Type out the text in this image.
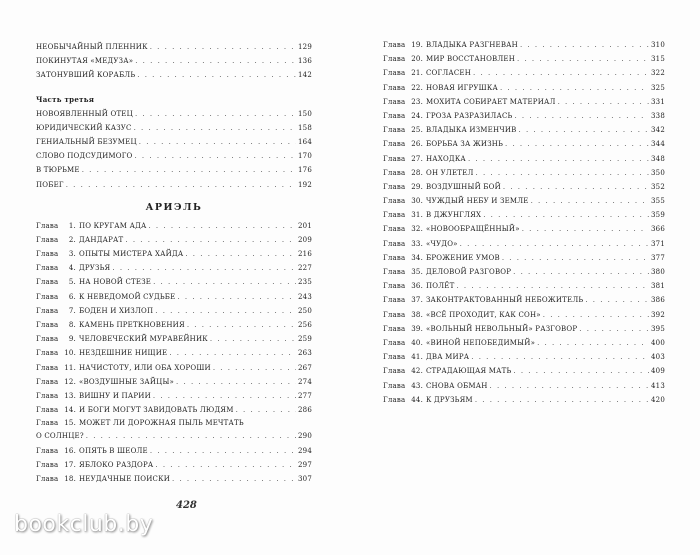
НЕОБЫЧАЙНЫЙ ПЛЕННИК . . .	129
ПОКИНУТАЯ «МЕДУЗА» . . .	136
ЗАТОНУВШИЙ КОРАБЛЬ . . .	142
Часть третья
НОВОЯВЛЕННЫЙ ОТЕЦ . . .	150
ЮРИДИЧЕСКИЙ КАЗУС . . .	158
ГЕНИАЛЬНЫЙ БЕЗУМЕЦ . . .	164
СЛОВО ПОДСУДИМОГО . . .	170
В ТЮРЬМЕ . . .	176
ПОБЕГ . . .	192
АРИЭЛЬ
Глава	1. ПО КРУГАМ АДА . . .	201
Глава	2. ДАНДАРАТ . . .	209
Глава	3. ОПЫТЫ МИСТЕРА ХАЙДА . . .	216
Глава	4. ДРУЗЬЯ . . .	227
Глава	5. НА НОВОЙ СТЕЗЕ . . .	235
Глава	6. К НЕВЕДОМОЙ СУДЬБЕ . . .	243
Глава	7. БОДЕН И ХИЗЛОП . . .	250
Глава	8. КАМЕНЬ ПРЕТКНОВЕНИЯ . . .	256
Глава	9. ЧЕЛОВЕЧЕСКИЙ МУРАВЕЙНИК . . .	259
Глава 10. НЕЗДЕШНИЕ НИЩИЕ . . .	263
Глава 11. НАЧИСТОТУ, ИЛИ ОБА ХОРОШИ . . .	267
Глава 12. «ВОЗДУШНЫЕ ЗАЙЦЫ» . . .	274
Глава 13. ВИШНУ И ПАРИИ . . .	277
Глава 14. И БОГИ МОГУТ ЗАВИДОВАТЬ ЛЮДЯМ . . .	286
Глава 15. МОЖЕТ ЛИ ДОРОЖНАЯ ПЫЛЬ МЕЧТАТЬ
О СОЛНЦЕ? . . .	290
Глава 16. ОПЯТЬ В ШЕОЛЕ . . .	294
Глава 17. ЯБЛОКО РАЗДОРА . . .	297
Глава 18. НЕУДАЧНЫЕ ПОИСКИ . . .	307
Глава 19. ВЛАДЫКА РАЗГНЕВАН . . .	310
Глава 20. МИР ВОССТАНОВЛЕН . . .	315
Глава 21. СОГЛАСЕН . . .	322
Глава 22. НОВАЯ ИГРУШКА . . .	325
Глава 23. МОХИТА СОБИРАЕТ МАТЕРИАЛ . . .	331
Глава 24. ГРОЗА РАЗРАЗИЛАСЬ . . .	338
Глава 25. ВЛАДЫКА ИЗМЕНЧИВ . . .	342
Глава 26. БОРЬБА ЗА ЖИЗНЬ . . .	344
Глава 27. НАХОДКА . . .	348
Глава 28. ОН УЛЕТЕЛ . . .	350
Глава 29. ВОЗДУШНЫЙ БОЙ . . .	352
Глава 30. ЧУЖДЫЙ НЕБУ И ЗЕМЛЕ . . .	355
Глава 31. В ДЖУНГЛЯХ . . .	359
Глава 32. «НОВООБРАЩЁННЫЙ» . . .	366
Глава 33. «ЧУДО» . . .	371
Глава 34. БРОЖЕНИЕ УМОВ . . .	377
Глава 35. ДЕЛОВОЙ РАЗГОВОР . . .	380
Глава 36. ПОЛЁТ . . .	381
Глава 37. ЗАКОНТРАКТОВАННЫЙ НЕБОЖИТЕЛЬ . . .	386
Глава 38. «ВСЁ ПРОХОДИТ, КАК СОН» . . .	392
Глава 39. «ВОЛЬНЫЙ НЕВОЛЬНЫЙ» РАЗГОВОР . . .	395
Глава 40. «ВИНОЙ НЕПОБЕДИМЫЙ» . . .	400
Глава 41. ДВА МИРА . . .	403
Глава 42. СТРАДАЮЩАЯ МАТЬ . . .	409
Глава 43. СНОВА ОБМАН . . .	413
Глава 44. К ДРУЗЬЯМ . . .	420
428
bookclub.by
